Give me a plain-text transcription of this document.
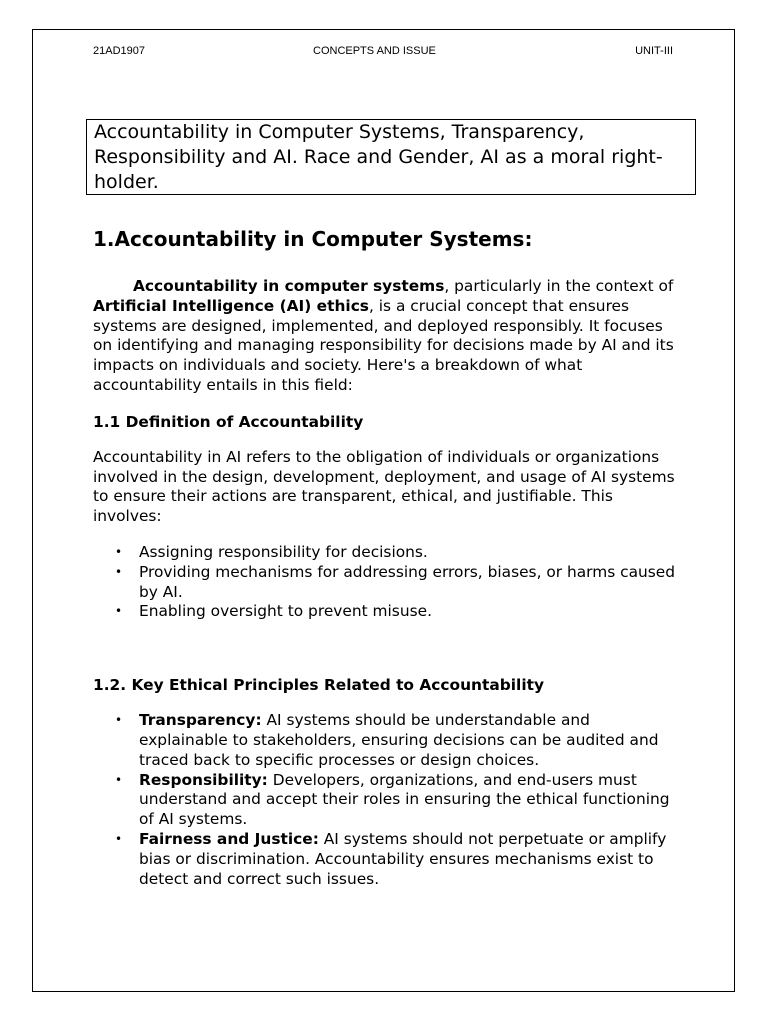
21AD1907	CONCEPTS AND ISSUE	UNIT-III

Accountability in Computer Systems, Transparency, Responsibility and AI. Race and Gender, AI as a moral right-holder.

1.Accountability in Computer Systems:

Accountability in computer systems, particularly in the context of Artificial Intelligence (AI) ethics, is a crucial concept that ensures systems are designed, implemented, and deployed responsibly. It focuses on identifying and managing responsibility for decisions made by AI and its impacts on individuals and society. Here's a breakdown of what accountability entails in this field:

1.1 Definition of Accountability

Accountability in AI refers to the obligation of individuals or organizations involved in the design, development, deployment, and usage of AI systems to ensure their actions are transparent, ethical, and justifiable. This involves:

• Assigning responsibility for decisions.
• Providing mechanisms for addressing errors, biases, or harms caused by AI.
• Enabling oversight to prevent misuse.
1.2. Key Ethical Principles Related to Accountability
• Transparency: AI systems should be understandable and explainable to stakeholders, ensuring decisions can be audited and traced back to specific processes or design choices.
• Responsibility: Developers, organizations, and end-users must understand and accept their roles in ensuring the ethical functioning of AI systems.
• Fairness and Justice: AI systems should not perpetuate or amplify bias or discrimination. Accountability ensures mechanisms exist to detect and correct such issues.
